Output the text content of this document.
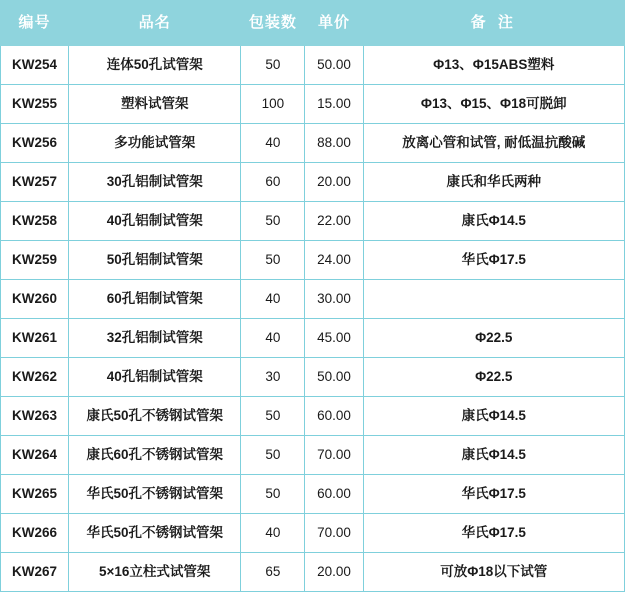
编号	品名	包装数	单价	备 注
KW254	连体50孔试管架	50	50.00	Φ13、Φ15ABS塑料
KW255	塑料试管架	100	15.00	Φ13、Φ15、Φ18可脱卸
KW256	多功能试管架	40	88.00	放离心管和试管, 耐低温抗酸碱
KW257	30孔铝制试管架	60	20.00	康氏和华氏两种
KW258	40孔铝制试管架	50	22.00	康氏Φ14.5
KW259	50孔铝制试管架	50	24.00	华氏Φ17.5
KW260	60孔铝制试管架	40	30.00	
KW261	32孔铝制试管架	40	45.00	Φ22.5
KW262	40孔铝制试管架	30	50.00	Φ22.5
KW263	康氏50孔不锈钢试管架	50	60.00	康氏Φ14.5
KW264	康氏60孔不锈钢试管架	50	70.00	康氏Φ14.5
KW265	华氏50孔不锈钢试管架	50	60.00	华氏Φ17.5
KW266	华氏50孔不锈钢试管架	40	70.00	华氏Φ17.5
KW267	5×16立柱式试管架	65	20.00	可放Φ18以下试管
